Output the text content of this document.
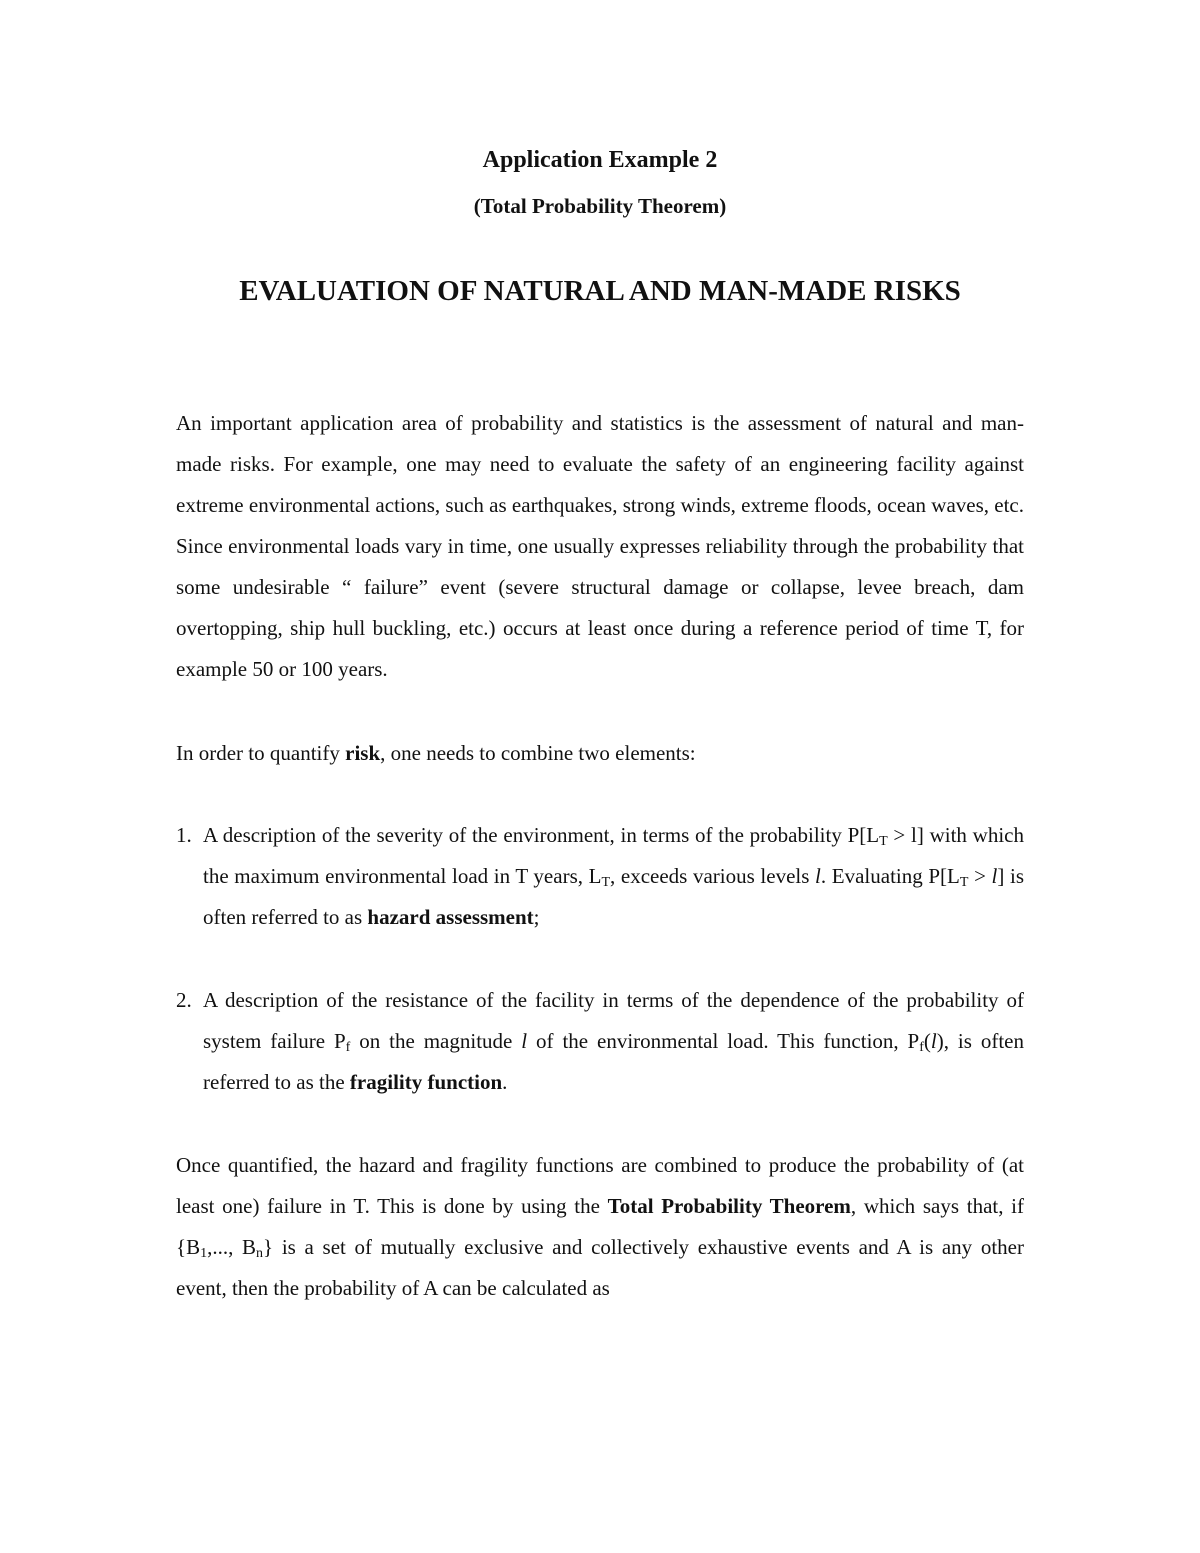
Application Example 2
(Total Probability Theorem)
EVALUATION OF NATURAL AND MAN-MADE RISKS

An important application area of probability and statistics is the assessment of natural and man-made risks. For example, one may need to evaluate the safety of an engineering facility against extreme environmental actions, such as earthquakes, strong winds, extreme floods, ocean waves, etc. Since environmental loads vary in time, one usually expresses reliability through the probability that some undesirable “ failure” event (severe structural damage or collapse, levee breach, dam overtopping, ship hull buckling, etc.) occurs at least once during a reference period of time T, for example 50 or 100 years.

In order to quantify risk, one needs to combine two elements:

1. A description of the severity of the environment, in terms of the probability $P[L_T > l]$ with which the maximum environmental load in T years, $L_T$, exceeds various levels l. Evaluating $P[L_T > l]$ is often referred to as hazard assessment;
2. A description of the resistance of the facility in terms of the dependence of the probability of system failure $P_f$ on the magnitude l of the environmental load. This function, $P_f(l)$, is often referred to as the fragility function.

Once quantified, the hazard and fragility functions are combined to produce the probability of (at least one) failure in T. This is done by using the Total Probability Theorem, which says that, if {$B_1$,..., $B_n$} is a set of mutually exclusive and collectively exhaustive events and A is any other event, then the probability of A can be calculated as
